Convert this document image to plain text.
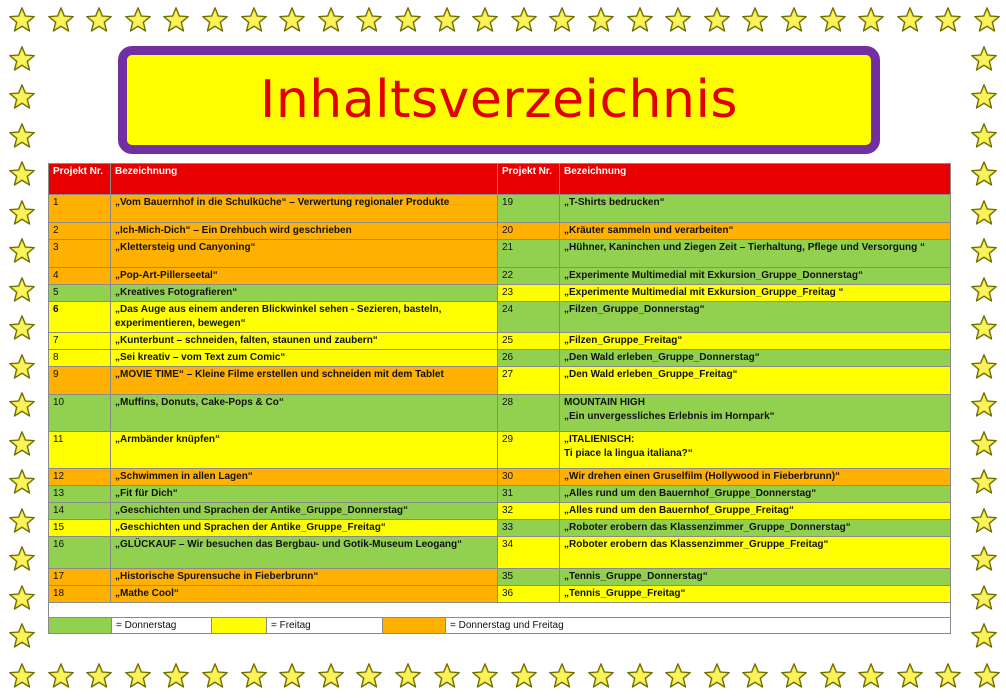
Inhaltsverzeichnis
Projekt Nr.	Bezeichnung	Projekt Nr.	Bezeichnung
1	„Vom Bauernhof in die Schulküche“ – Verwertung regionaler Produkte	19	„T-Shirts bedrucken“
2	„Ich-Mich-Dich“ – Ein Drehbuch wird geschrieben	20	„Kräuter sammeln und verarbeiten“
3	„Klettersteig und Canyoning“	21	„Hühner, Kaninchen und Ziegen Zeit – Tierhaltung, Pflege und Versorgung “
4	„Pop-Art-Pillerseetal“	22	„Experimente Multimedial mit Exkursion_Gruppe_Donnerstag“
5	„Kreatives Fotografieren“	23	„Experimente Multimedial mit Exkursion_Gruppe_Freitag “
6	„Das Auge aus einem anderen Blickwinkel sehen - Sezieren, basteln, experimentieren, bewegen“	24	„Filzen_Gruppe_Donnerstag“
7	„Kunterbunt – schneiden, falten, staunen und zaubern“	25	„Filzen_Gruppe_Freitag“
8	„Sei kreativ – vom Text zum Comic“	26	„Den Wald erleben_Gruppe_Donnerstag“
9	„MOVIE TIME“ – Kleine Filme erstellen und schneiden mit dem Tablet	27	„Den Wald erleben_Gruppe_Freitag“
10	„Muffins, Donuts, Cake-Pops & Co“	28	MOUNTAIN HIGH
„Ein unvergessliches Erlebnis im Hornpark“
11	„Armbänder knüpfen“	29	„ITALIENISCH:
Ti piace la lingua italiana?“
12	„Schwimmen in allen Lagen“	30	„Wir drehen einen Gruselfilm (Hollywood in Fieberbrunn)“
13	„Fit für Dich“	31	„Alles rund um den Bauernhof_Gruppe_Donnerstag“
14	„Geschichten und Sprachen der Antike_Gruppe_Donnerstag“	32	„Alles rund um den Bauernhof_Gruppe_Freitag“
15	„Geschichten und Sprachen der Antike_Gruppe_Freitag“	33	„Roboter erobern das Klassenzimmer_Gruppe_Donnerstag“
16	„GLÜCKAUF – Wir besuchen das Bergbau- und Gotik-Museum Leogang“	34	„Roboter erobern das Klassenzimmer_Gruppe_Freitag“
17	„Historische Spurensuche in Fieberbrunn“	35	„Tennis_Gruppe_Donnerstag“
18	„Mathe Cool“	36	„Tennis_Gruppe_Freitag“

= Donnerstag = Freitag = Donnerstag und Freitag			
